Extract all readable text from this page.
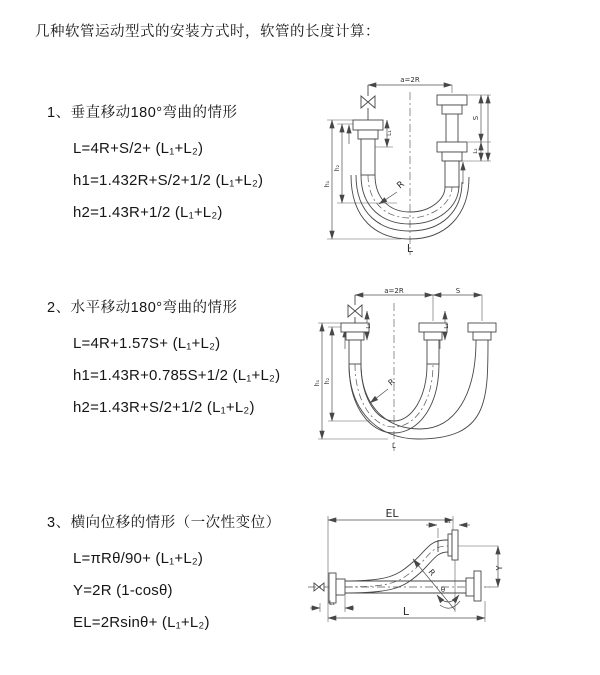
几种软管运动型式的安装方式时，软管的长度计算：
1、垂直移动180°弯曲的情形
L=4R+S/2+ (L₁+L₂)
h1=1.432R+S/2+1/2 (L₁+L₂)
h2=1.43R+1/2 (L₁+L₂)
2、水平移动180°弯曲的情形
L=4R+1.57S+ (L₁+L₂)
h1=1.43R+0.785S+1/2 (L₁+L₂)
h2=1.43R+S/2+1/2 (L₁+L₂)
3、横向位移的情形（一次性变位）
L=πRθ/90+ (L₁+L₂)
Y=2R (1-cosθ)
EL=2Rsinθ+ (L₁+L₂)
a=2R
R
L
h₁
h₂
L₁
S
L₂
a=2R	S
R
h₁ h₂
L₁	L₁
L
EL
L₁
R	Y
θ
L
L₁
